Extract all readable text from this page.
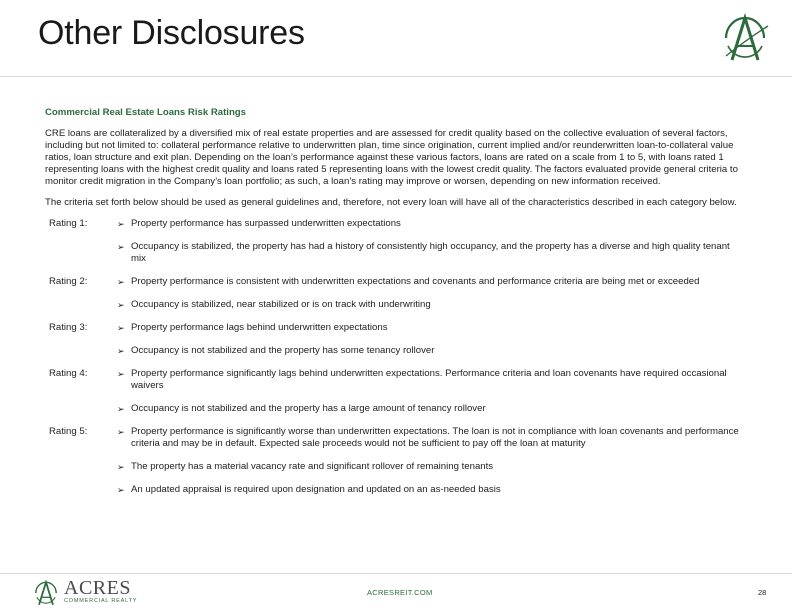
Other Disclosures
Commercial Real Estate Loans Risk Ratings

CRE loans are collateralized by a diversified mix of real estate properties and are assessed for credit quality based on the collective evaluation of several factors, including but not limited to: collateral performance relative to underwritten plan, time since origination, current implied and/or reunderwritten loan-to-collateral value ratios, loan structure and exit plan. Depending on the loan’s performance against these various factors, loans are rated on a scale from 1 to 5, with loans rated 1 representing loans with the highest credit quality and loans rated 5 representing loans with the lowest credit quality. The factors evaluated provide general criteria to monitor credit migration in the Company’s loan portfolio; as such, a loan’s rating may improve or worsen, depending on new information received.

The criteria set forth below should be used as general guidelines and, therefore, not every loan will have all of the characteristics described in each category below.

Rating 1:	➢ Property performance has surpassed underwritten expectations
➢ Occupancy is stabilized, the property has had a history of consistently high occupancy, and the property has a diverse and high quality tenant mix
Rating 2:	➢ Property performance is consistent with underwritten expectations and covenants and performance criteria are being met or exceeded
➢ Occupancy is stabilized, near stabilized or is on track with underwriting
Rating 3:	➢ Property performance lags behind underwritten expectations
➢ Occupancy is not stabilized and the property has some tenancy rollover
Rating 4:	➢ Property performance significantly lags behind underwritten expectations. Performance criteria and loan covenants have required occasional waivers
➢ Occupancy is not stabilized and the property has a large amount of tenancy rollover
Rating 5:	➢ Property performance is significantly worse than underwritten expectations. The loan is not in compliance with loan covenants and performance criteria and may be in default. Expected sale proceeds would not be sufficient to pay off the loan at maturity
➢ The property has a material vacancy rate and significant rollover of remaining tenants
➢ An updated appraisal is required upon designation and updated on an as-needed basis
ACRES
COMMERCIAL REALTY
ACRESREIT.COM	28
